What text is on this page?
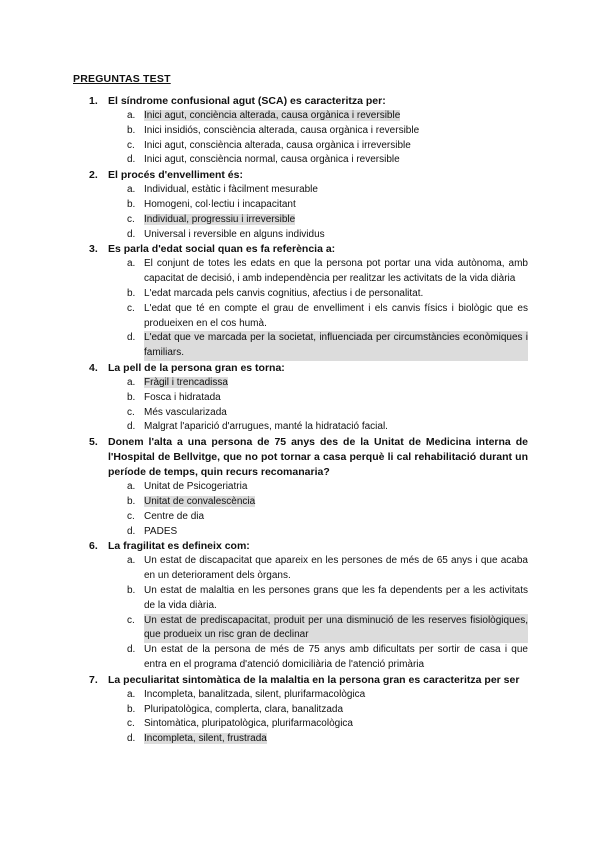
PREGUNTAS TEST
1. El síndrome confusional agut (SCA) es caracteritza per:
a. Inici agut, conciència alterada, causa orgànica i reversible
b. Inici insidiós, consciència alterada, causa orgànica i reversible
c. Inici agut, consciència alterada, causa orgànica i irreversible
d. Inici agut, consciència normal, causa orgànica i reversible
2. El procés d'envelliment és:
a. Individual, estàtic i fàcilment mesurable
b. Homogeni, col·lectiu i incapacitant
c. Individual, progressiu i irreversible
d. Universal i reversible en alguns individus
3. Es parla d'edat social quan es fa referència a:
a. El conjunt de totes les edats en que la persona pot portar una vida autònoma, amb capacitat de decisió, i amb independència per realitzar les activitats de la vida diària
b. L'edat marcada pels canvis cognitius, afectius i de personalitat.
c. L'edat que té en compte el grau de envelliment i els canvis físics i biològic que es produeixen en el cos humà.
d. L'edat que ve marcada per la societat, influenciada per circumstàncies econòmiques i familiars.
4. La pell de la persona gran es torna:
a. Fràgil i trencadissa
b. Fosca i hidratada
c. Més vascularizada
d. Malgrat l'aparició d'arrugues, manté la hidratació facial.
5. Donem l'alta a una persona de 75 anys des de la Unitat de Medicina interna de l'Hospital de Bellvitge, que no pot tornar a casa perquè li cal rehabilitació durant un període de temps, quin recurs recomanaria?
a. Unitat de Psicogeriatria
b. Unitat de convalescència
c. Centre de dia
d. PADES
6. La fragilitat es defineix com:
a. Un estat de discapacitat que apareix en les persones de més de 65 anys i que acaba en un deteriorament dels òrgans.
b. Un estat de malaltia en les persones grans que les fa dependents per a les activitats de la vida diària.
c. Un estat de prediscapacitat, produit per una disminució de les reserves fisiològiques, que produeix un risc gran de declinar
d. Un estat de la persona de més de 75 anys amb dificultats per sortir de casa i que entra en el programa d'atenció domiciliària de l'atenció primària
7. La peculiaritat sintomàtica de la malaltia en la persona gran es caracteritza per ser
a. Incompleta, banalitzada, silent, plurifarmacològica
b. Pluripatològica, complerta, clara, banalitzada
c. Sintomàtica, pluripatològica, plurifarmacològica
d. Incompleta, silent, frustrada
